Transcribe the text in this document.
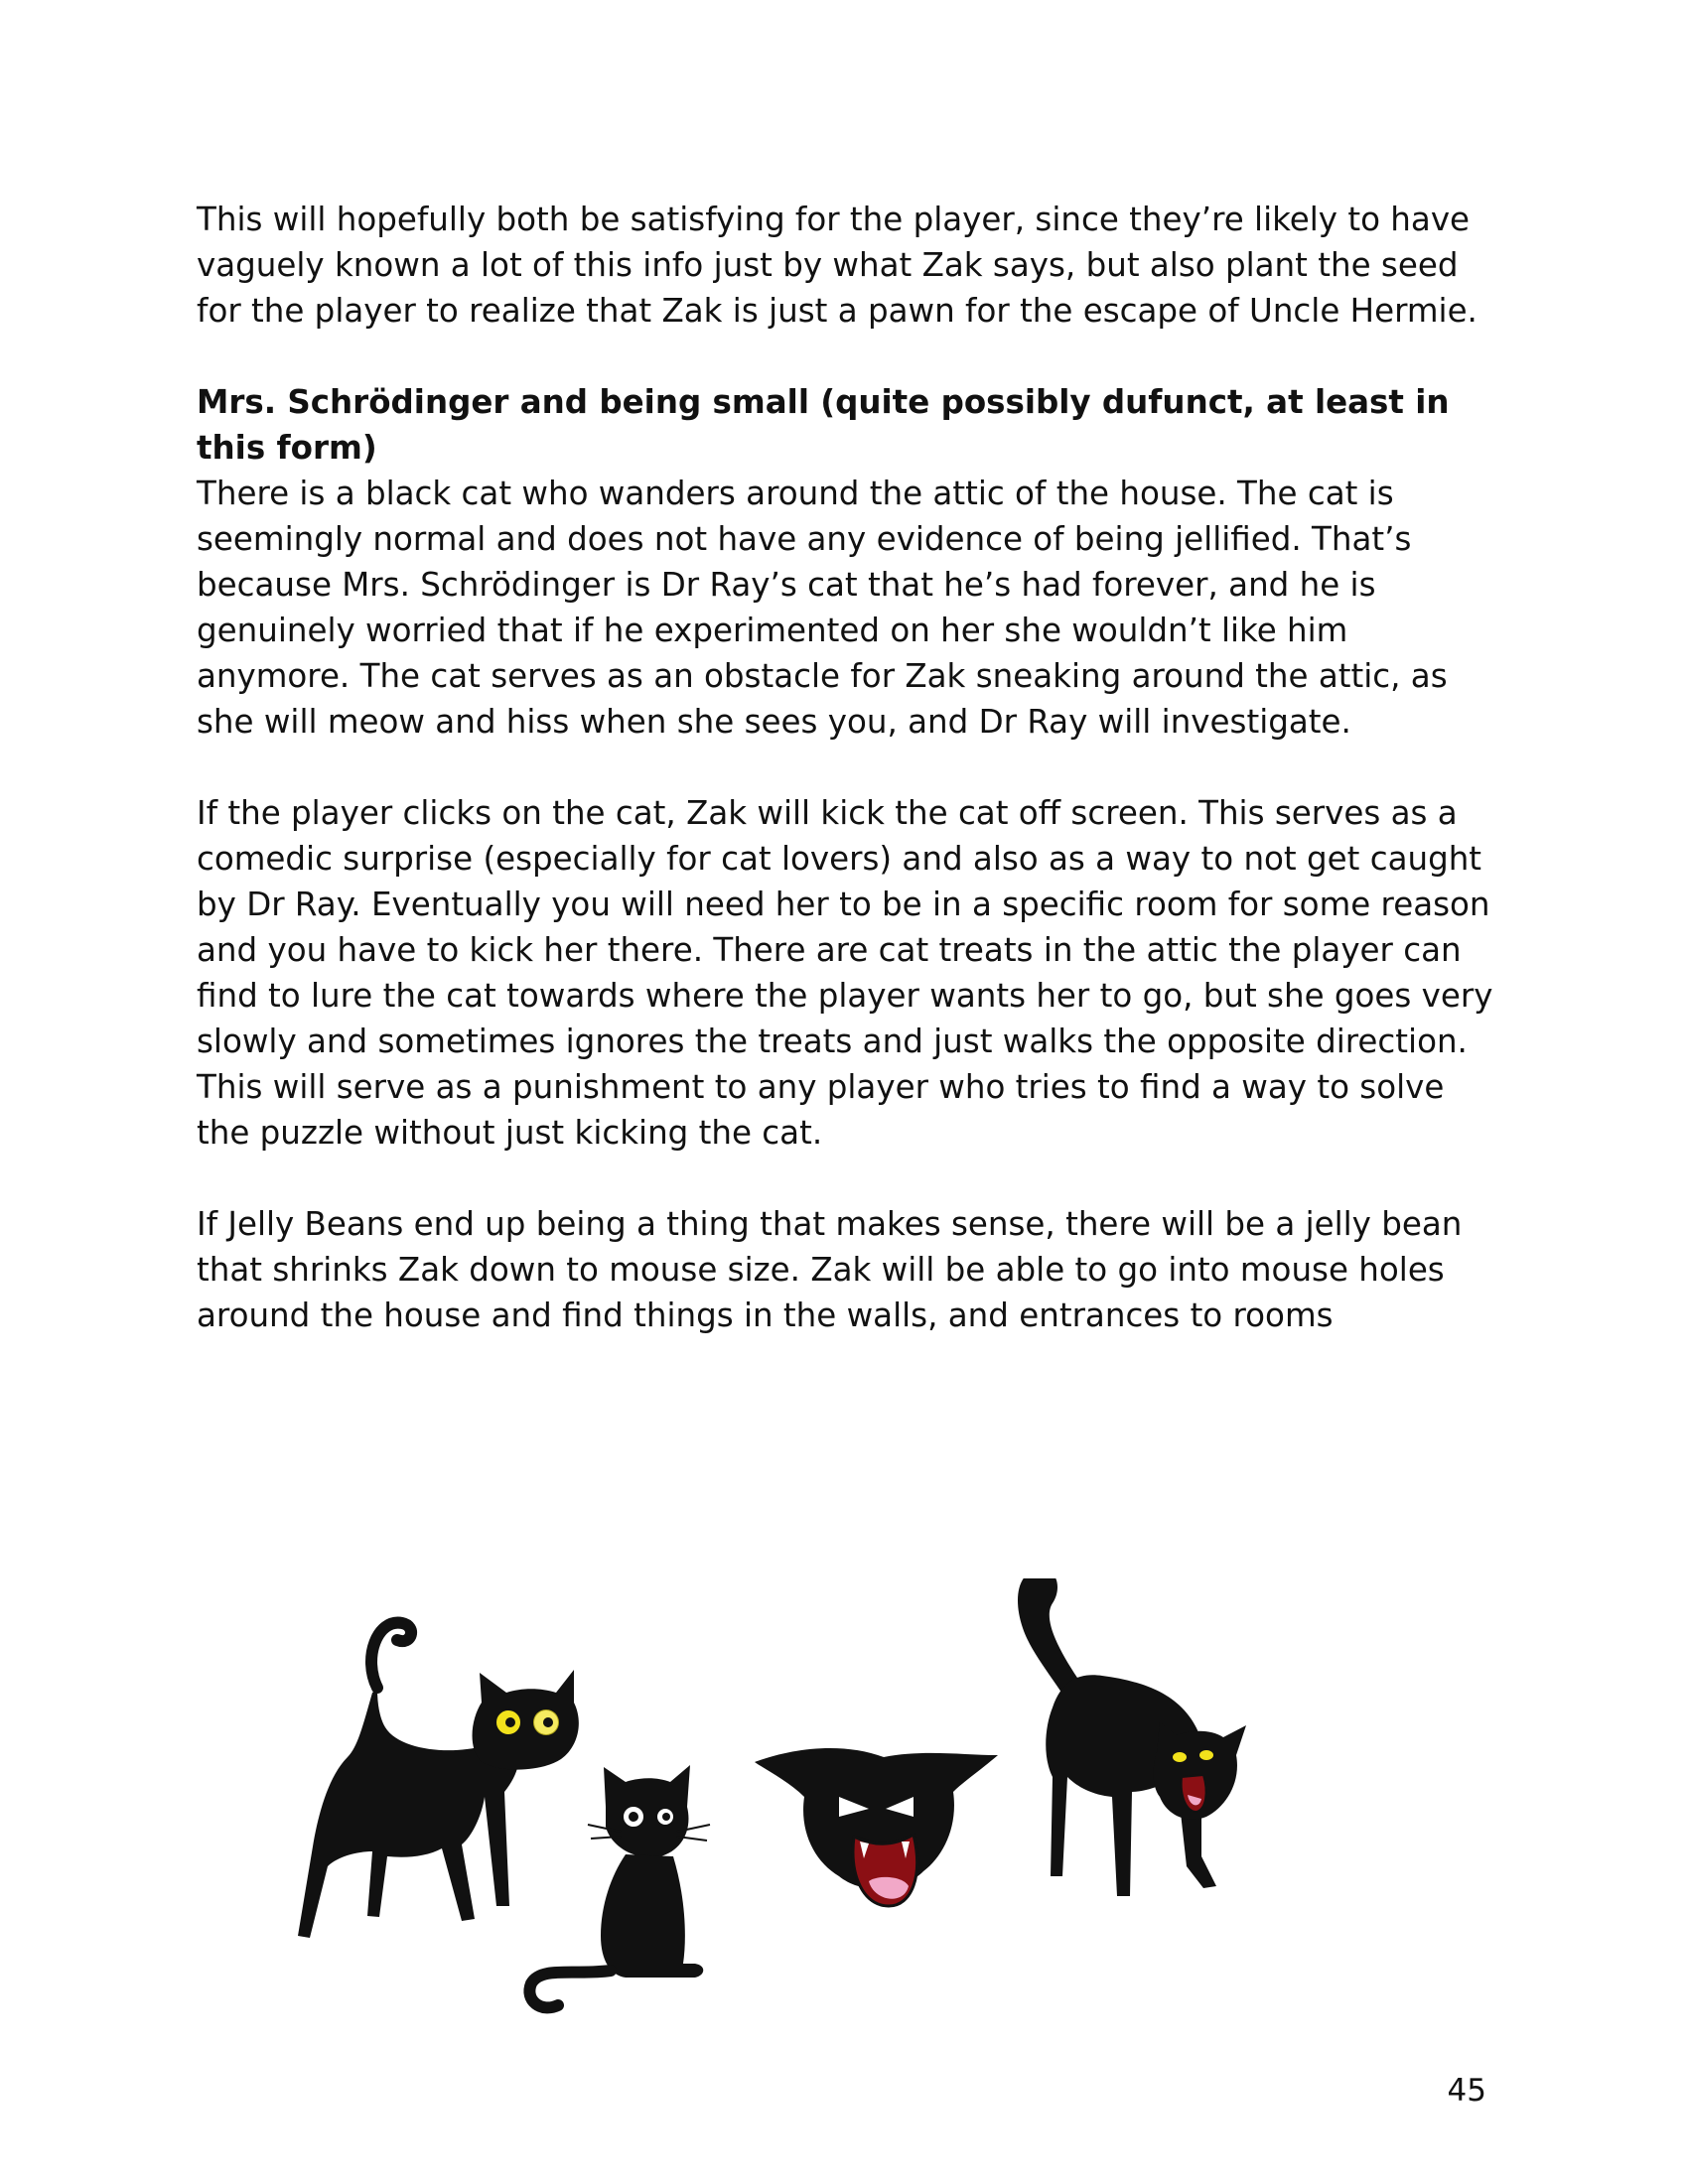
This will hopefully both be satisfying for the player, since they’re likely to have vaguely known a lot of this info just by what Zak says, but also plant the seed for the player to realize that Zak is just a pawn for the escape of Uncle Hermie.

Mrs. Schrödinger and being small (quite possibly dufunct, at least in this form)

There is a black cat who wanders around the attic of the house. The cat is seemingly normal and does not have any evidence of being jellified. That’s because Mrs. Schrödinger is Dr Ray’s cat that he’s had forever, and he is genuinely worried that if he experimented on her she wouldn’t like him anymore. The cat serves as an obstacle for Zak sneaking around the attic, as she will meow and hiss when she sees you, and Dr Ray will investigate.

If the player clicks on the cat, Zak will kick the cat off screen. This serves as a comedic surprise (especially for cat lovers) and also as a way to not get caught by Dr Ray. Eventually you will need her to be in a specific room for some reason and you have to kick her there. There are cat treats in the attic the player can find to lure the cat towards where the player wants her to go, but she goes very slowly and sometimes ignores the treats and just walks the opposite direction. This will serve as a punishment to any player who tries to find a way to solve the puzzle without just kicking the cat.

If Jelly Beans end up being a thing that makes sense, there will be a jelly bean that shrinks Zak down to mouse size. Zak will be able to go into mouse holes around the house and find things in the walls, and entrances to rooms

45
